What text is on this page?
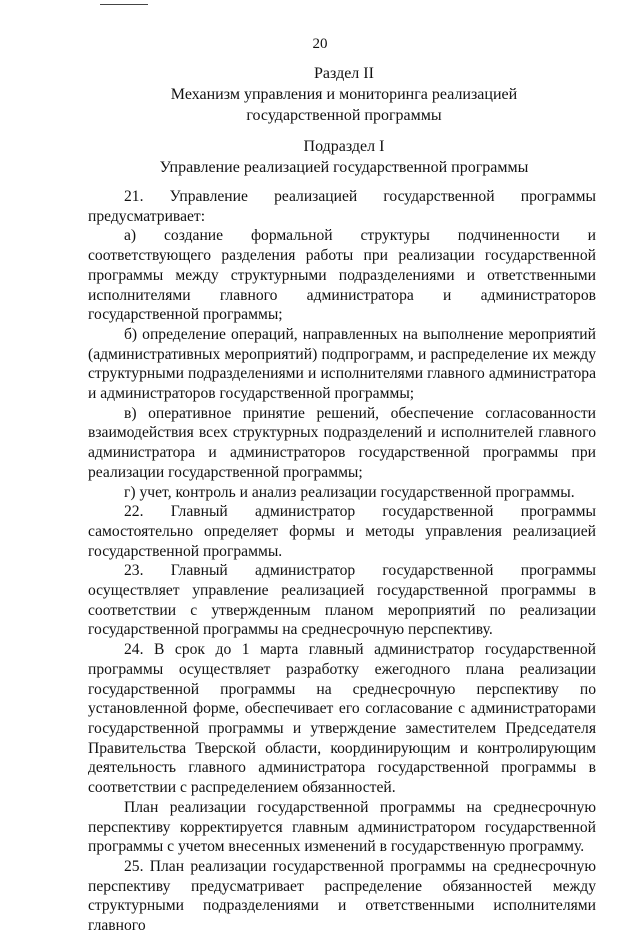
20
Раздел II
Механизм управления и мониторинга реализацией
государственной программы
Подраздел I
Управление реализацией государственной программы

21. Управление реализацией государственной программы предусматривает:

а) создание формальной структуры подчиненности и соответствующего разделения работы при реализации государственной программы между структурными подразделениями и ответственными исполнителями главного администратора и администраторов государственной программы;

б) определение операций, направленных на выполнение мероприятий (административных мероприятий) подпрограмм, и распределение их между структурными подразделениями и исполнителями главного администратора и администраторов государственной программы;

в) оперативное принятие решений, обеспечение согласованности взаимодействия всех структурных подразделений и исполнителей главного администратора и администраторов государственной программы при реализации государственной программы;

г) учет, контроль и анализ реализации государственной программы.

22. Главный администратор государственной программы самостоятельно определяет формы и методы управления реализацией государственной программы.

23. Главный администратор государственной программы осуществляет управление реализацией государственной программы в соответствии с утвержденным планом мероприятий по реализации государственной программы на среднесрочную перспективу.

24. В срок до 1 марта главный администратор государственной программы осуществляет разработку ежегодного плана реализации государственной программы на среднесрочную перспективу по установленной форме, обеспечивает его согласование с администраторами государственной программы и утверждение заместителем Председателя Правительства Тверской области, координирующим и контролирующим деятельность главного администратора государственной программы в соответствии с распределением обязанностей.

План реализации государственной программы на среднесрочную перспективу корректируется главным администратором государственной программы с учетом внесенных изменений в государственную программу.

25. План реализации государственной программы на среднесрочную перспективу предусматривает распределение обязанностей между структурными подразделениями и ответственными исполнителями главного
